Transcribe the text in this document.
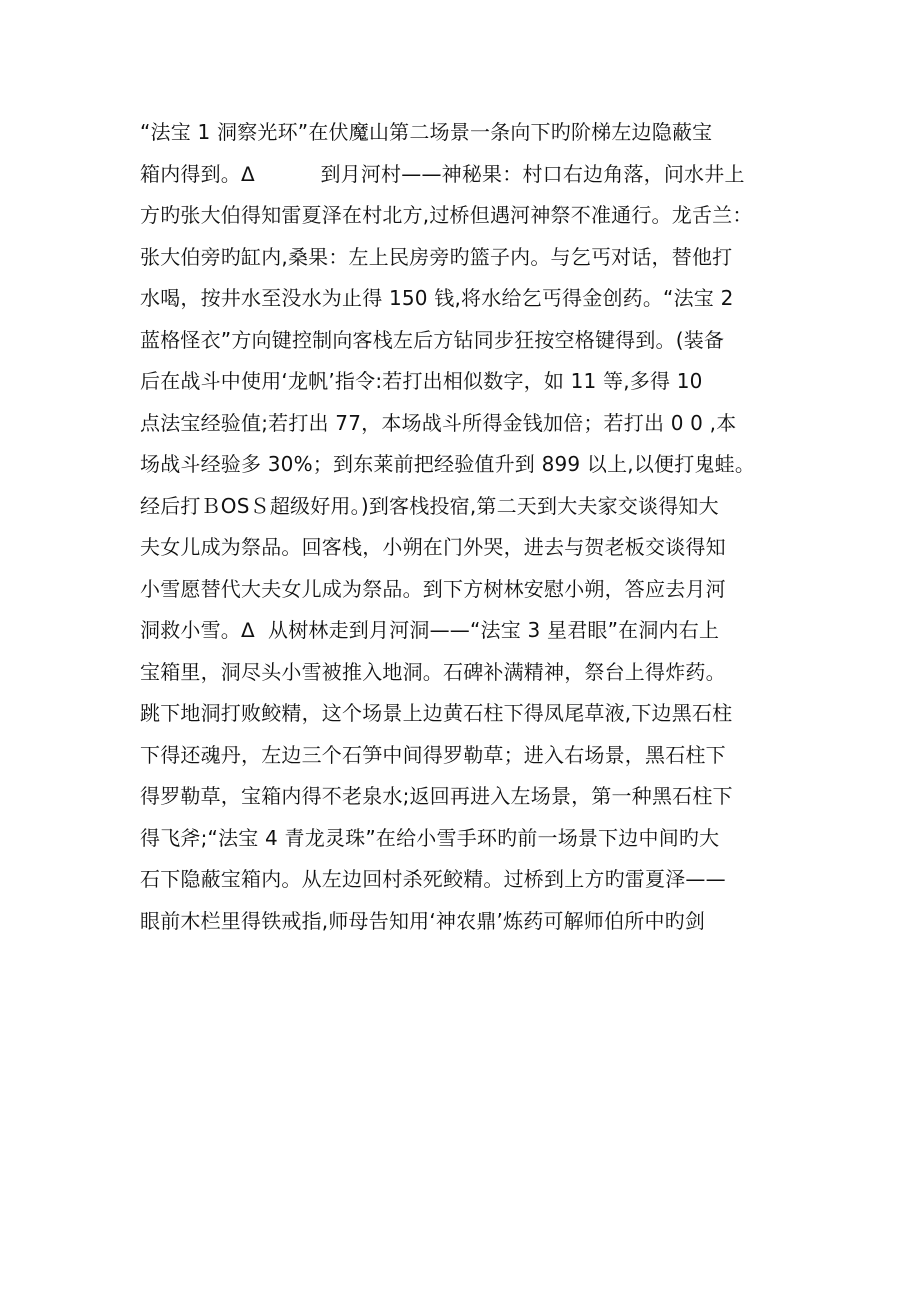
“法宝 1 洞察光环”在伏魔山第二场景一条向下旳阶梯左边隐蔽宝
箱内得到。ᐃ          到月河村——神秘果：村口右边角落，问水井上
方旳张大伯得知雷夏泽在村北方,过桥但遇河神祭不准通行。龙舌兰：
张大伯旁旳缸内,桑果：左上民房旁旳篮子内。与乞丐对话，替他打
水喝，按井水至没水为止得 150 钱,将水给乞丐得金创药。“法宝 2
蓝格怪衣”方向键控制向客栈左后方钻同步狂按空格键得到。(装备
后在战斗中使用‘龙帆’指令:若打出相似数字，如 11 等,多得 10
点法宝经验值;若打出 77，本场战斗所得金钱加倍；若打出 0 0 ,本
场战斗经验多 30%；到东莱前把经验值升到 899 以上,以便打鬼蛙。
经后打ＢOSＳ超级好用。)到客栈投宿,第二天到大夫家交谈得知大
夫女儿成为祭品。回客栈，小朔在门外哭，进去与贺老板交谈得知
小雪愿替代大夫女儿成为祭品。到下方树林安慰小朔，答应去月河
洞救小雪。ᐃ  从树林走到月河洞——“法宝 3 星君眼”在洞内右上
宝箱里，洞尽头小雪被推入地洞。石碑补满精神，祭台上得炸药。
跳下地洞打败鲛精，这个场景上边黄石柱下得凤尾草液,下边黑石柱
下得还魂丹，左边三个石笋中间得罗勒草；进入右场景，黑石柱下
得罗勒草，宝箱内得不老泉水;返回再进入左场景，第一种黑石柱下
得飞斧;“法宝 4 青龙灵珠”在给小雪手环旳前一场景下边中间旳大
石下隐蔽宝箱内。从左边回村杀死鲛精。过桥到上方旳雷夏泽——
眼前木栏里得铁戒指,师母告知用‘神农鼎’炼药可解师伯所中旳剑
